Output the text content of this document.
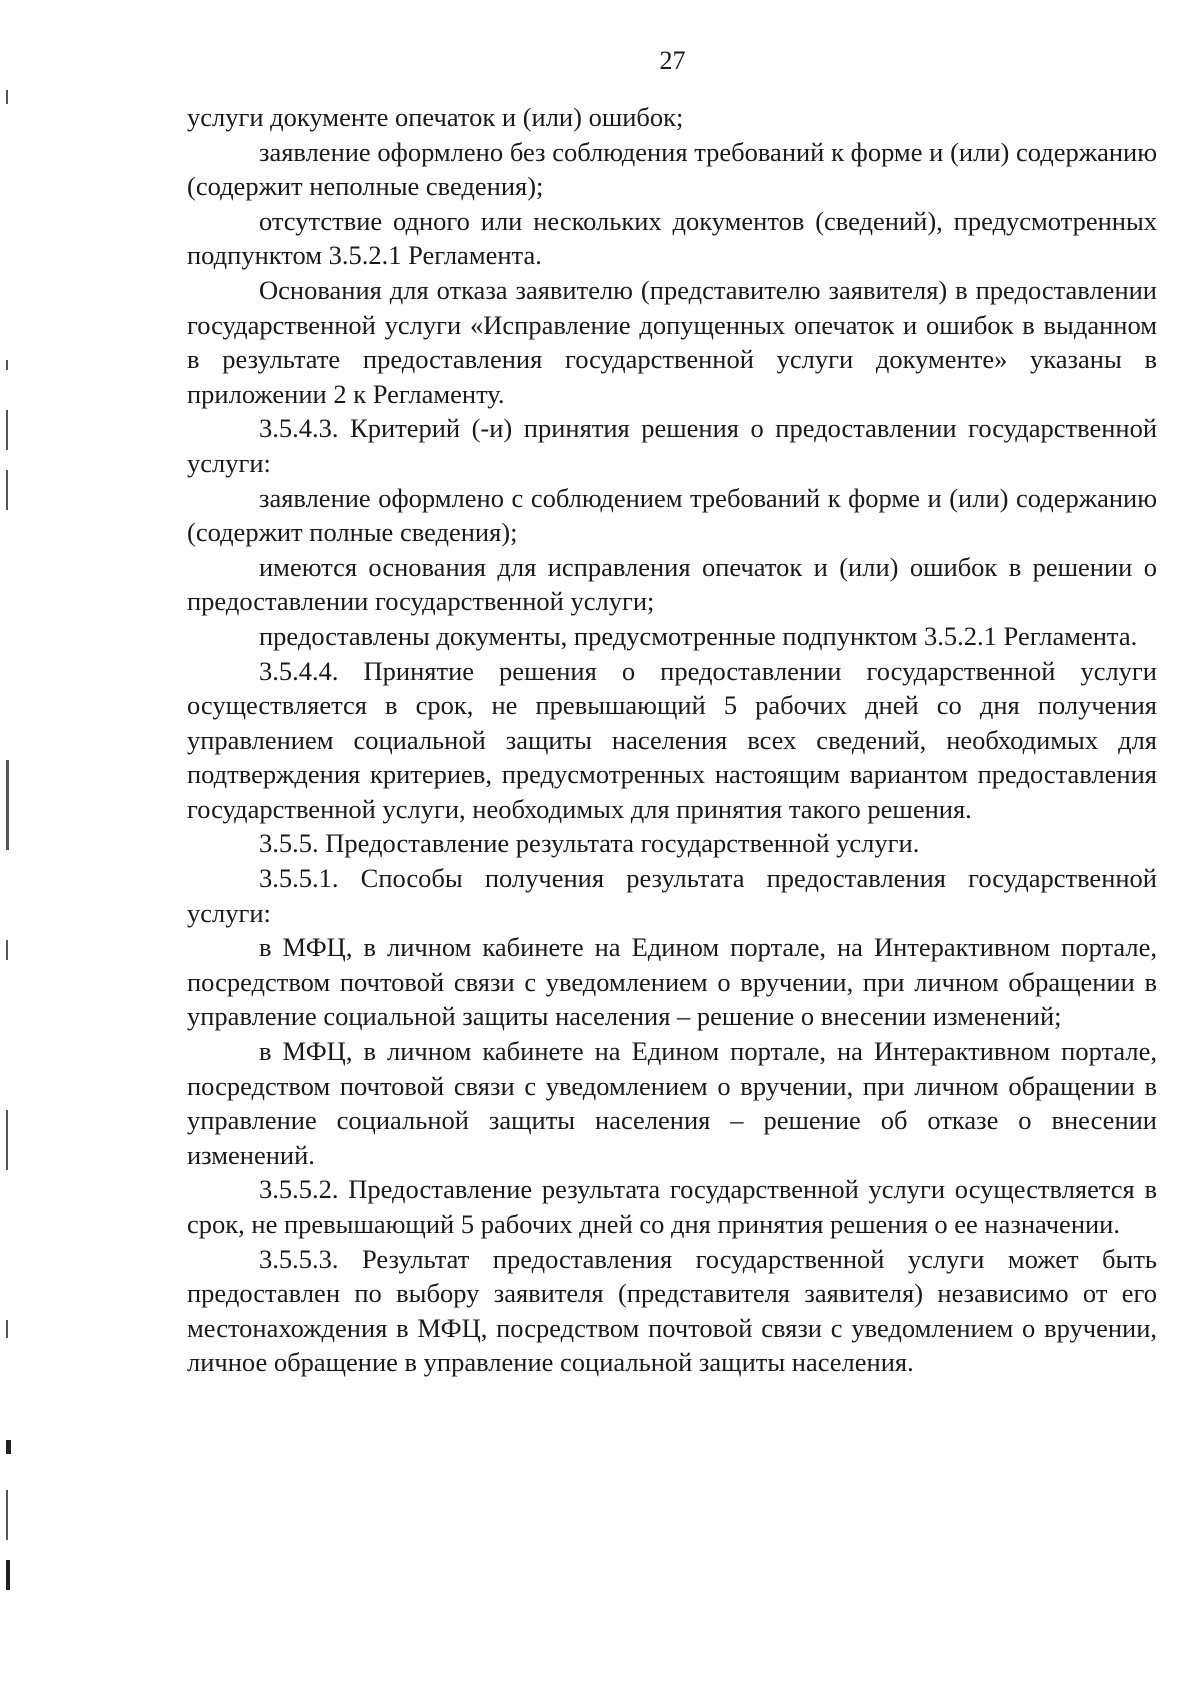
27

услуги документе опечаток и (или) ошибок;

заявление оформлено без соблюдения требований к форме и (или) содержанию (содержит неполные сведения);

отсутствие одного или нескольких документов (сведений), предусмотренных подпунктом 3.5.2.1 Регламента.

Основания для отказа заявителю (представителю заявителя) в предоставлении государственной услуги «Исправление допущенных опечаток и ошибок в выданном в результате предоставления государственной услуги документе» указаны в приложении 2 к Регламенту.

3.5.4.3. Критерий (-и) принятия решения о предоставлении государственной услуги:

заявление оформлено с соблюдением требований к форме и (или) содержанию (содержит полные сведения);

имеются основания для исправления опечаток и (или) ошибок в решении о предоставлении государственной услуги;

предоставлены документы, предусмотренные подпунктом 3.5.2.1 Регламента.

3.5.4.4. Принятие решения о предоставлении государственной услуги осуществляется в срок, не превышающий 5 рабочих дней со дня получения управлением социальной защиты населения всех сведений, необходимых для подтверждения критериев, предусмотренных настоящим вариантом предоставления государственной услуги, необходимых для принятия такого решения.

3.5.5. Предоставление результата государственной услуги.

3.5.5.1. Способы получения результата предоставления государственной услуги:

в МФЦ, в личном кабинете на Едином портале, на Интерактивном портале, посредством почтовой связи с уведомлением о вручении, при личном обращении в управление социальной защиты населения – решение о внесении изменений;

в МФЦ, в личном кабинете на Едином портале, на Интерактивном портале, посредством почтовой связи с уведомлением о вручении, при личном обращении в управление социальной защиты населения – решение об отказе о внесении изменений.

3.5.5.2. Предоставление результата государственной услуги осуществляется в срок, не превышающий 5 рабочих дней со дня принятия решения о ее назначении.

3.5.5.3. Результат предоставления государственной услуги может быть предоставлен по выбору заявителя (представителя заявителя) независимо от его местонахождения в МФЦ, посредством почтовой связи с уведомлением о вручении, личное обращение в управление социальной защиты населения.
